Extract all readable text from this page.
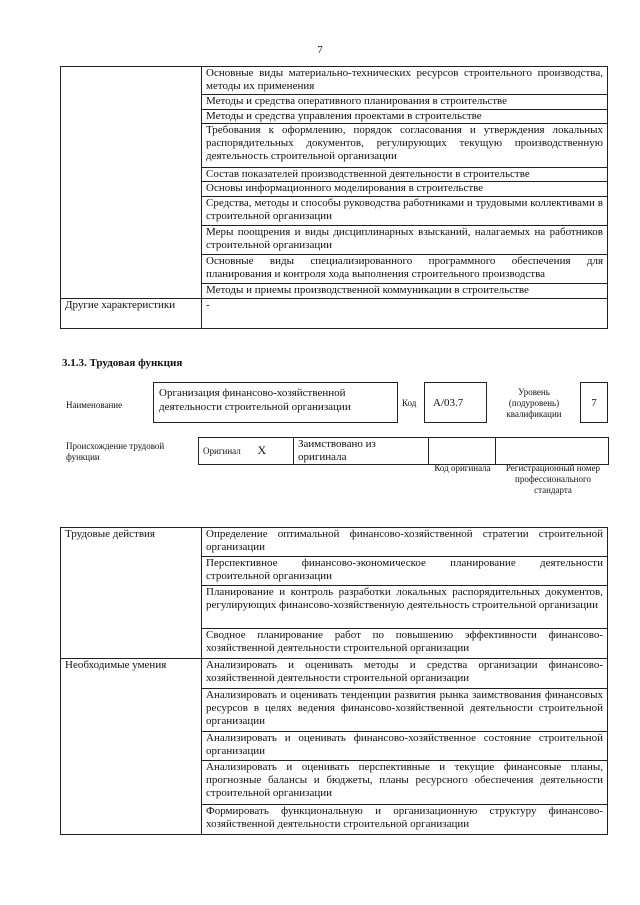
7
	Основные виды материально-технических ресурсов строительного производства, методы их применения
	Методы и средства оперативного планирования в строительстве
	Методы и средства управления проектами в строительстве
	Требования к оформлению, порядок согласования и утверждения локальных распорядительных документов, регулирующих текущую производственную деятельность строительной организации
	Состав показателей производственной деятельности в строительстве
	Основы информационного моделирования в строительстве
	Средства, методы и способы руководства работниками и трудовыми коллективами в строительной организации
	Меры поощрения и виды дисциплинарных взысканий, налагаемых на работников строительной организации
	Основные виды специализированного программного обеспечения для планирования и контроля хода выполнения строительного производства
	Методы и приемы производственной коммуникации в строительстве
Другие характеристики	-
3.1.3. Трудовая функция
Наименование
Организация финансово-хозяйственной деятельности строительной организации	Код	А/03.7
Уровень (подуровень) квалификации
7
Происхождение трудовой функции
Оригинал X	Заимствовано из оригинала		
Код оригинала	Регистрационный номер профессионального стандарта
Трудовые действия	Определение оптимальной финансово-хозяйственной стратегии строительной организации
	Перспективное финансово-экономическое планирование деятельности строительной организации
	Планирование и контроль разработки локальных распорядительных документов, регулирующих финансово-хозяйственную деятельность строительной организации
	Сводное планирование работ по повышению эффективности финансово-хозяйственной деятельности строительной организации
Необходимые умения	Анализировать и оценивать методы и средства организации финансово-хозяйственной деятельности строительной организации
	Анализировать и оценивать тенденции развития рынка заимствования финансовых ресурсов в целях ведения финансово-хозяйственной деятельности строительной организации
	Анализировать и оценивать финансово-хозяйственное состояние строительной организации
	Анализировать и оценивать перспективные и текущие финансовые планы, прогнозные балансы и бюджеты, планы ресурсного обеспечения деятельности строительной организации
	Формировать функциональную и организационную структуру финансово-хозяйственной деятельности строительной организации
